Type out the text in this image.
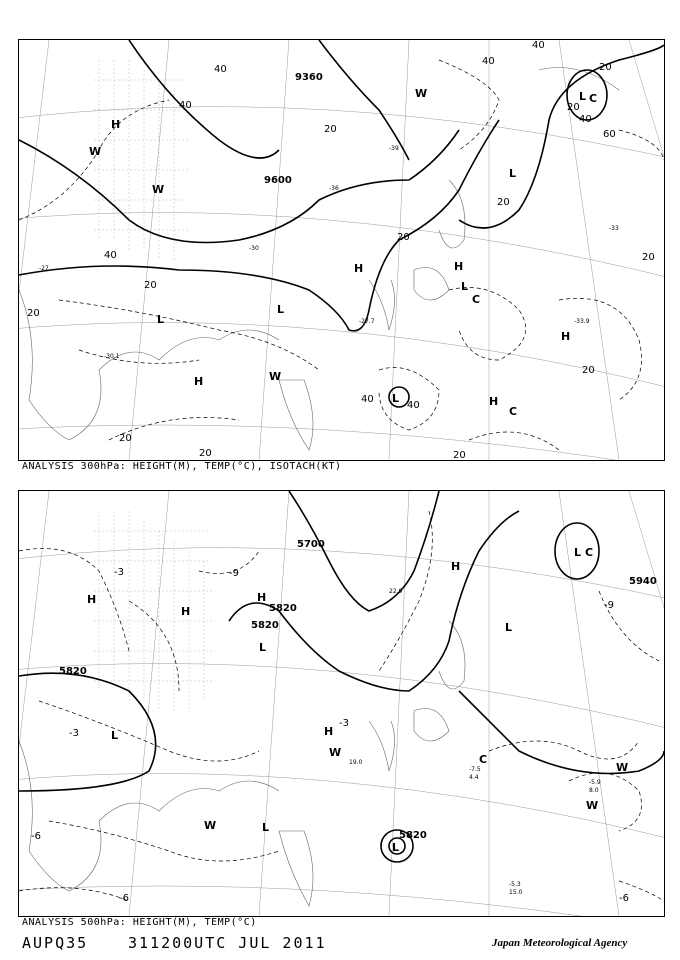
9600
9360
40
40
20
40
20
20
20
20
20
20
40
40
20
20
40
60
20
20
40
40
20
-30.1
-27.7	-33.9
-27
-36
-39
-30
-33
H
H	H
H
H
H
L
L
L
L
L
L
W
W
W
W
C
C
C
ANALYSIS 300hPa: HEIGHT(M), TEMP(°C), ISOTACH(KT)
5700
5820
5820
5820
5820
5940
-3	-9
-3
-9
-3
-6	-6
-6
-5.3
-7.5
-5.9
15.0
4.4
8.0
19.0
22.0
H
H
H
H
H
L
L
L
L
L
L
W
W
W
W
C
C
ANALYSIS 500hPa: HEIGHT(M), TEMP(°C)
AUPQ35	311200UTC JUL 2011	Japan Meteorological Agency
